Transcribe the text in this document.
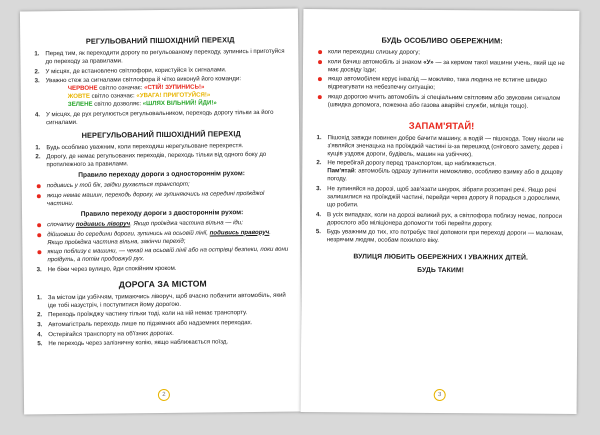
РЕГУЛЬОВАНИЙ ПІШОХІДНИЙ ПЕРЕХІД
1. Перед тим, як переходити дорогу по регульованому переходу, зупинись і приготуйся до переходу за правилами.
2. У місцях, де встановлено світлофори, користуйся їх сигналами.
3. Уважно стеж за сигналами світлофора й чітко виконуй його команди:
ЧЕРВОНЕ світло означає: «СТІЙ! ЗУПИНИСЬ!»
ЖОВТЕ світло означає: «УВАГА! ПРИГОТУЙСЯ!»
ЗЕЛЕНЕ світло дозволяє: «ШЛЯХ ВІЛЬНИЙ! ЙДИ!»
4. У місцях, де рух регулюється регульовальником, переходь дорогу тільки за його сигналами.
НЕРЕГУЛЬОВАНИЙ ПІШОХІДНИЙ ПЕРЕХІД
1. Будь особливо уважним, коли переходиш нерегульоване перехрестя.
2. Дорогу, де немає регульованих переходів, переходь тільки від одного боку до протилежного за правилами.
Правило переходу дороги з одностороннім рухом:
подивись у той бік, звідки рухається транспорт;
якщо немає машин, переходь дорогу, не зупиняючись на середині проїжджої частини.
Правило переходу дороги з двостороннім рухом:
спочатку подивись ліворуч. Якщо проїжджа частина вільна — іди;
дійшовши до середини дороги, зупинись на осьовій лінії, подивись праворуч. Якщо проїжджа частина вільна, закінчи перехід;
якщо поблизу є машини, — чекай на осьовій лінії або на острівці безпеки, поки вони проїдуть, а потім продовжуй рух.
3. Не біжи через вулицю, йди спокійним кроком.
ДОРОГА ЗА МІСТОМ
1. За містом іди узбіччям, тримаючись ліворуч, щоб вчасно побачити автомобіль, який іде тобі назустріч, і поступитися йому дорогою.
2. Переходь проїжджу частину тільки тоді, коли на ній немає транспорту.
3. Автомагістраль переходь лише по підземних або надземних переходах.
4. Остерігайся транспорту на об'їзних дорогах.
5. Не переходь через залізничну колію, якщо наближається поїзд.
2
БУДЬ ОСОБЛИВО ОБЕРЕЖНИМ:
коли переходиш слизьку дорогу;
коли бачиш автомобіль зі знаком «У» — за кермом такої машини учень, який ще не має досвіду їзди;
якщо автомобілем керує інвалід — можливо, така людина не встигне швидко відреагувати на небезпечну ситуацію;
якщо дорогою мчить автомобіль зі спеціальним світловим або звуковим сигналом (швидка допомога, пожежна або газова аварійні служби, міліція тощо).
ЗАПАМ'ЯТАЙ!
1. Пішохід завжди повинен добре бачити машину, а водій — пішохода. Тому ніколи не з'являйся зненацька на проїжджій частині із-за перешкод (снігового замету, дерев і кущів уздовж дороги, будівель, машин на узбіччях).
2. Не перебігай дорогу перед транспортом, що наближається.
Пам'ятай: автомобіль одразу зупинити неможливо, особливо взимку або в дощову погоду.
3. Не зупиняйся на дорозі, щоб зав'язати шнурок, зібрати розсипані речі. Якщо речі залишилися на проїжджій частині, перейди через дорогу й порадься з дорослими, що робити.
4. В усіх випадках, коли на дорозі великий рух, а світлофора поблизу немає, попроси дорослого або міліціонера допомогти тобі перейти дорогу.
5. Будь уважним до тих, хто потребує твої допомоги при переході дороги — малюкам, незрячим людям, особам похилого віку.
ВУЛИЦЯ ЛЮБИТЬ ОБЕРЕЖНИХ І УВАЖНИХ ДІТЕЙ.
БУДЬ ТАКИМ!
3
